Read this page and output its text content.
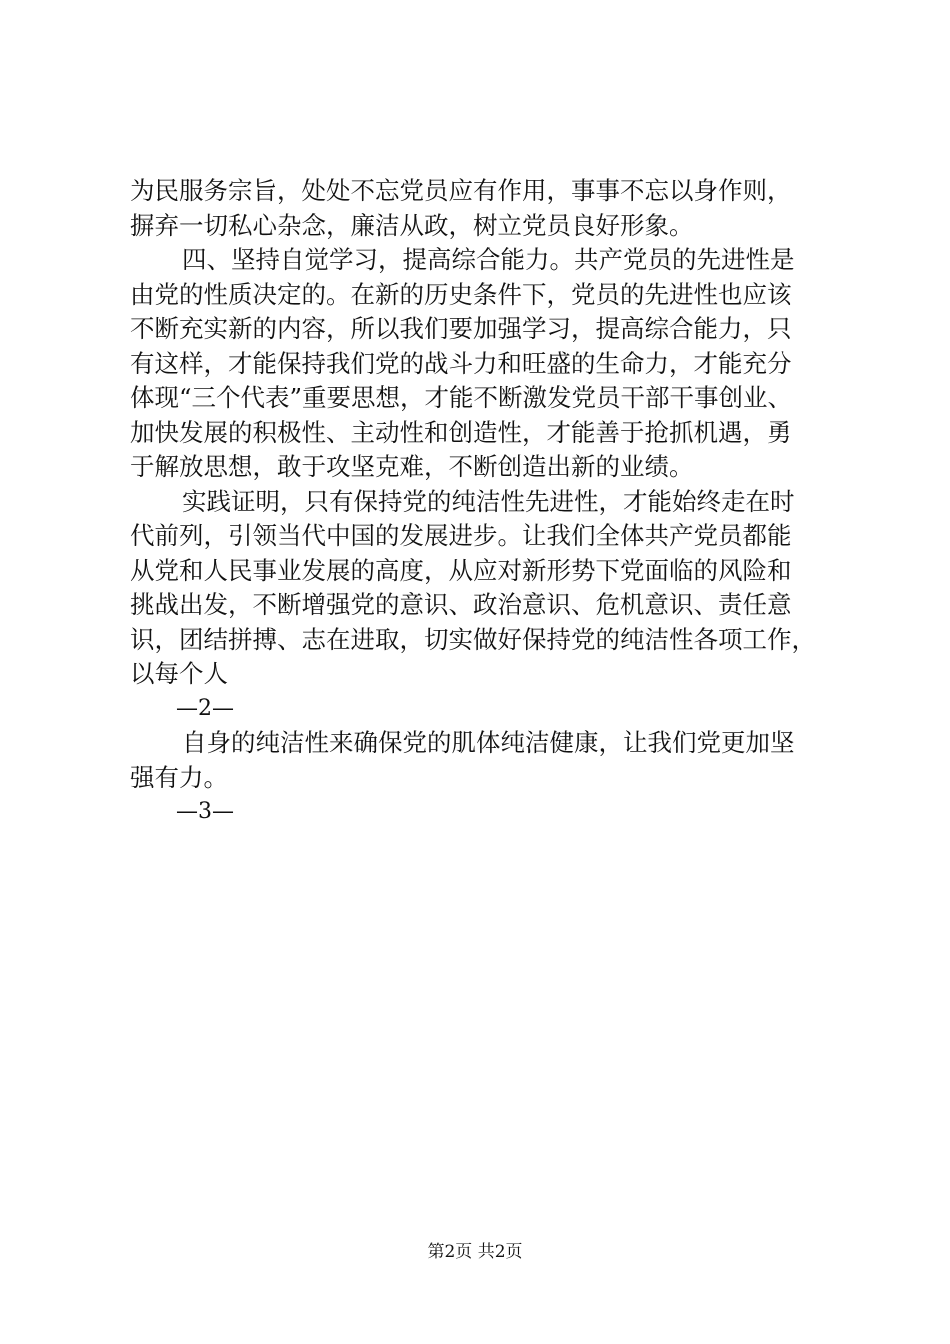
为民服务宗旨，处处不忘党员应有作用，事事不忘以身作则，
摒弃一切私心杂念，廉洁从政，树立党员良好形象。
四、坚持自觉学习，提高综合能力。共产党员的先进性是
由党的性质决定的。在新的历史条件下，党员的先进性也应该
不断充实新的内容，所以我们要加强学习，提高综合能力，只
有这样，才能保持我们党的战斗力和旺盛的生命力，才能充分
体现“三个代表”重要思想，才能不断激发党员干部干事创业、
加快发展的积极性、主动性和创造性，才能善于抢抓机遇，勇
于解放思想，敢于攻坚克难，不断创造出新的业绩。
实践证明，只有保持党的纯洁性先进性，才能始终走在时
代前列，引领当代中国的发展进步。让我们全体共产党员都能
从党和人民事业发展的高度，从应对新形势下党面临的风险和
挑战出发，不断增强党的意识、政治意识、危机意识、责任意
识，团结拼搏、志在进取，切实做好保持党的纯洁性各项工作，
以每个人
—2—
自身的纯洁性来确保党的肌体纯洁健康，让我们党更加坚
强有力。
—3—
第2页 共2页
